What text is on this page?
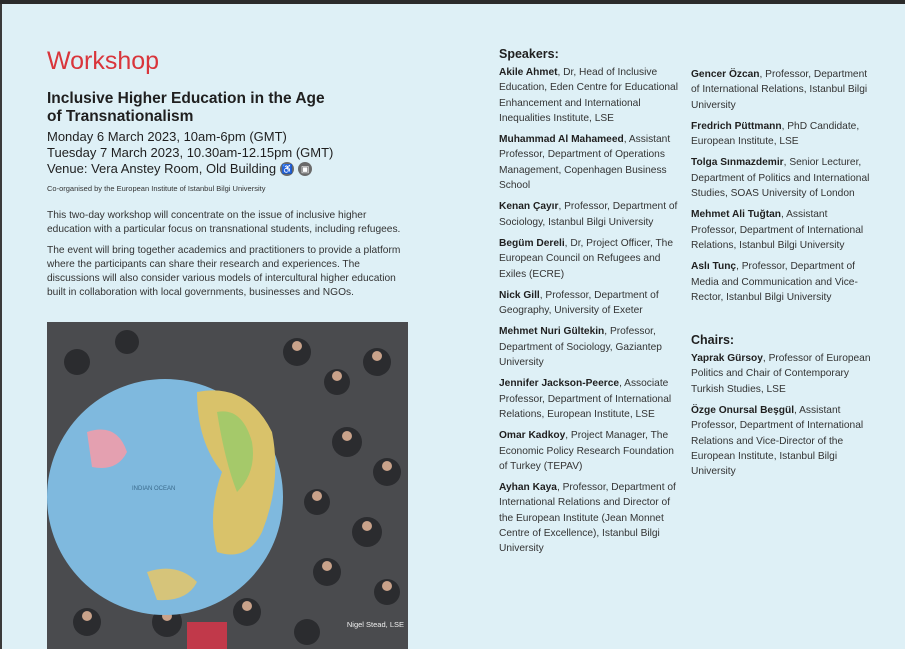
Workshop
Inclusive Higher Education in the Age of Transnationalism
Monday 6 March 2023, 10am-6pm (GMT)
Tuesday 7 March 2023, 10.30am-12.15pm (GMT)
Venue: Vera Anstey Room, Old Building ♿ ▣
Co-organised by the European Institute of Istanbul Bilgi University
This two-day workshop will concentrate on the issue of inclusive higher education with a particular focus on transnational students, including refugees.
The event will bring together academics and practitioners to provide a platform where the participants can share their research and experiences. The discussions will also consider various models of intercultural higher education built in collaboration with local governments, businesses and NGOs.
INDIAN OCEAN
Nigel Stead, LSE
Speakers:
Akile Ahmet, Dr, Head of Inclusive Education, Eden Centre for Educational Enhancement and International Inequalities Institute, LSE
Muhammad Al Mahameed, Assistant Professor, Department of Operations Management, Copenhagen Business School
Kenan Çayır, Professor, Department of Sociology, Istanbul Bilgi University
Begüm Dereli, Dr, Project Officer, The European Council on Refugees and Exiles (ECRE)
Nick Gill, Professor, Department of Geography, University of Exeter
Mehmet Nuri Gültekin, Professor, Department of Sociology, Gaziantep University
Jennifer Jackson-Peerce, Associate Professor, Department of International Relations, European Institute, LSE
Omar Kadkoy, Project Manager, The Economic Policy Research Foundation of Turkey (TEPAV)
Ayhan Kaya, Professor, Department of International Relations and Director of the European Institute (Jean Monnet Centre of Excellence), Istanbul Bilgi University
Gencer Özcan, Professor, Department of International Relations, Istanbul Bilgi University
Fredrich Püttmann, PhD Candidate, European Institute, LSE
Tolga Sınmazdemir, Senior Lecturer, Department of Politics and International Studies, SOAS University of London
Mehmet Ali Tuğtan, Assistant Professor, Department of International Relations, Istanbul Bilgi University
Aslı Tunç, Professor, Department of Media and Communication and Vice-Rector, Istanbul Bilgi University
Chairs:
Yaprak Gürsoy, Professor of European Politics and Chair of Contemporary Turkish Studies, LSE
Özge Onursal Beşgül, Assistant Professor, Department of International Relations and Vice-Director of the European Institute, Istanbul Bilgi University
